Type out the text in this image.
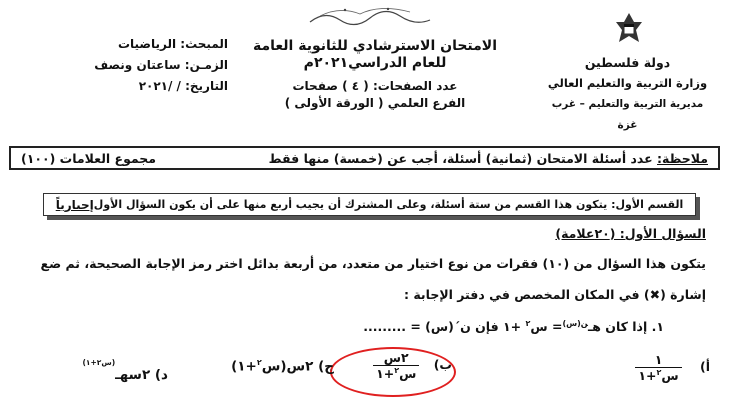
المبحث: الرياضيات
الزمـن: ساعتان ونصف
التاريخ: / /٢٠٢١
الامتحان الاسترشادي للثانوية العامة
للعام الدراسي٢٠٢١م
عدد الصفحات: ( ٤ ) صفحات
الفرع العلمي ( الورقة الأولى )
دولة فلسطين
وزارة التربية والتعليم العالي
مديرية التربية والتعليم – غرب غزة
ملاحظة: عدد أسئلة الامتحان (ثمانية) أسئلة، أجب عن (خمسة) منها فقط
مجموع العلامات (١٠٠)
القسم الأول: يتكون هذا القسم من ستة أسئلة، وعلى المشترك أن يجيب أربع منها على أن يكون السؤال الأول
إجبارياً
السؤال الأول: (٢٠علامة)
يتكون هذا السؤال من (١٠) فقرات من نوع اختيار من متعدد، من أربعة بدائل اختر رمز الإجابة الصحيحة، ثم ضع
إشارة (✖) في المكان المخصص في دفتر الإجابة :
١. إذا كان هـ$^{ن(س)}$= س$^٢$ +١ فإن ن´(س) = .........
أ)
$\frac{١}{س^٢+١}$
ب)
$\frac{\text{٢س}}{س^٢+١}$
ج) ٢س(س$^٢$+١)
د) ٢سهـ$^{(س٢+١)}$
